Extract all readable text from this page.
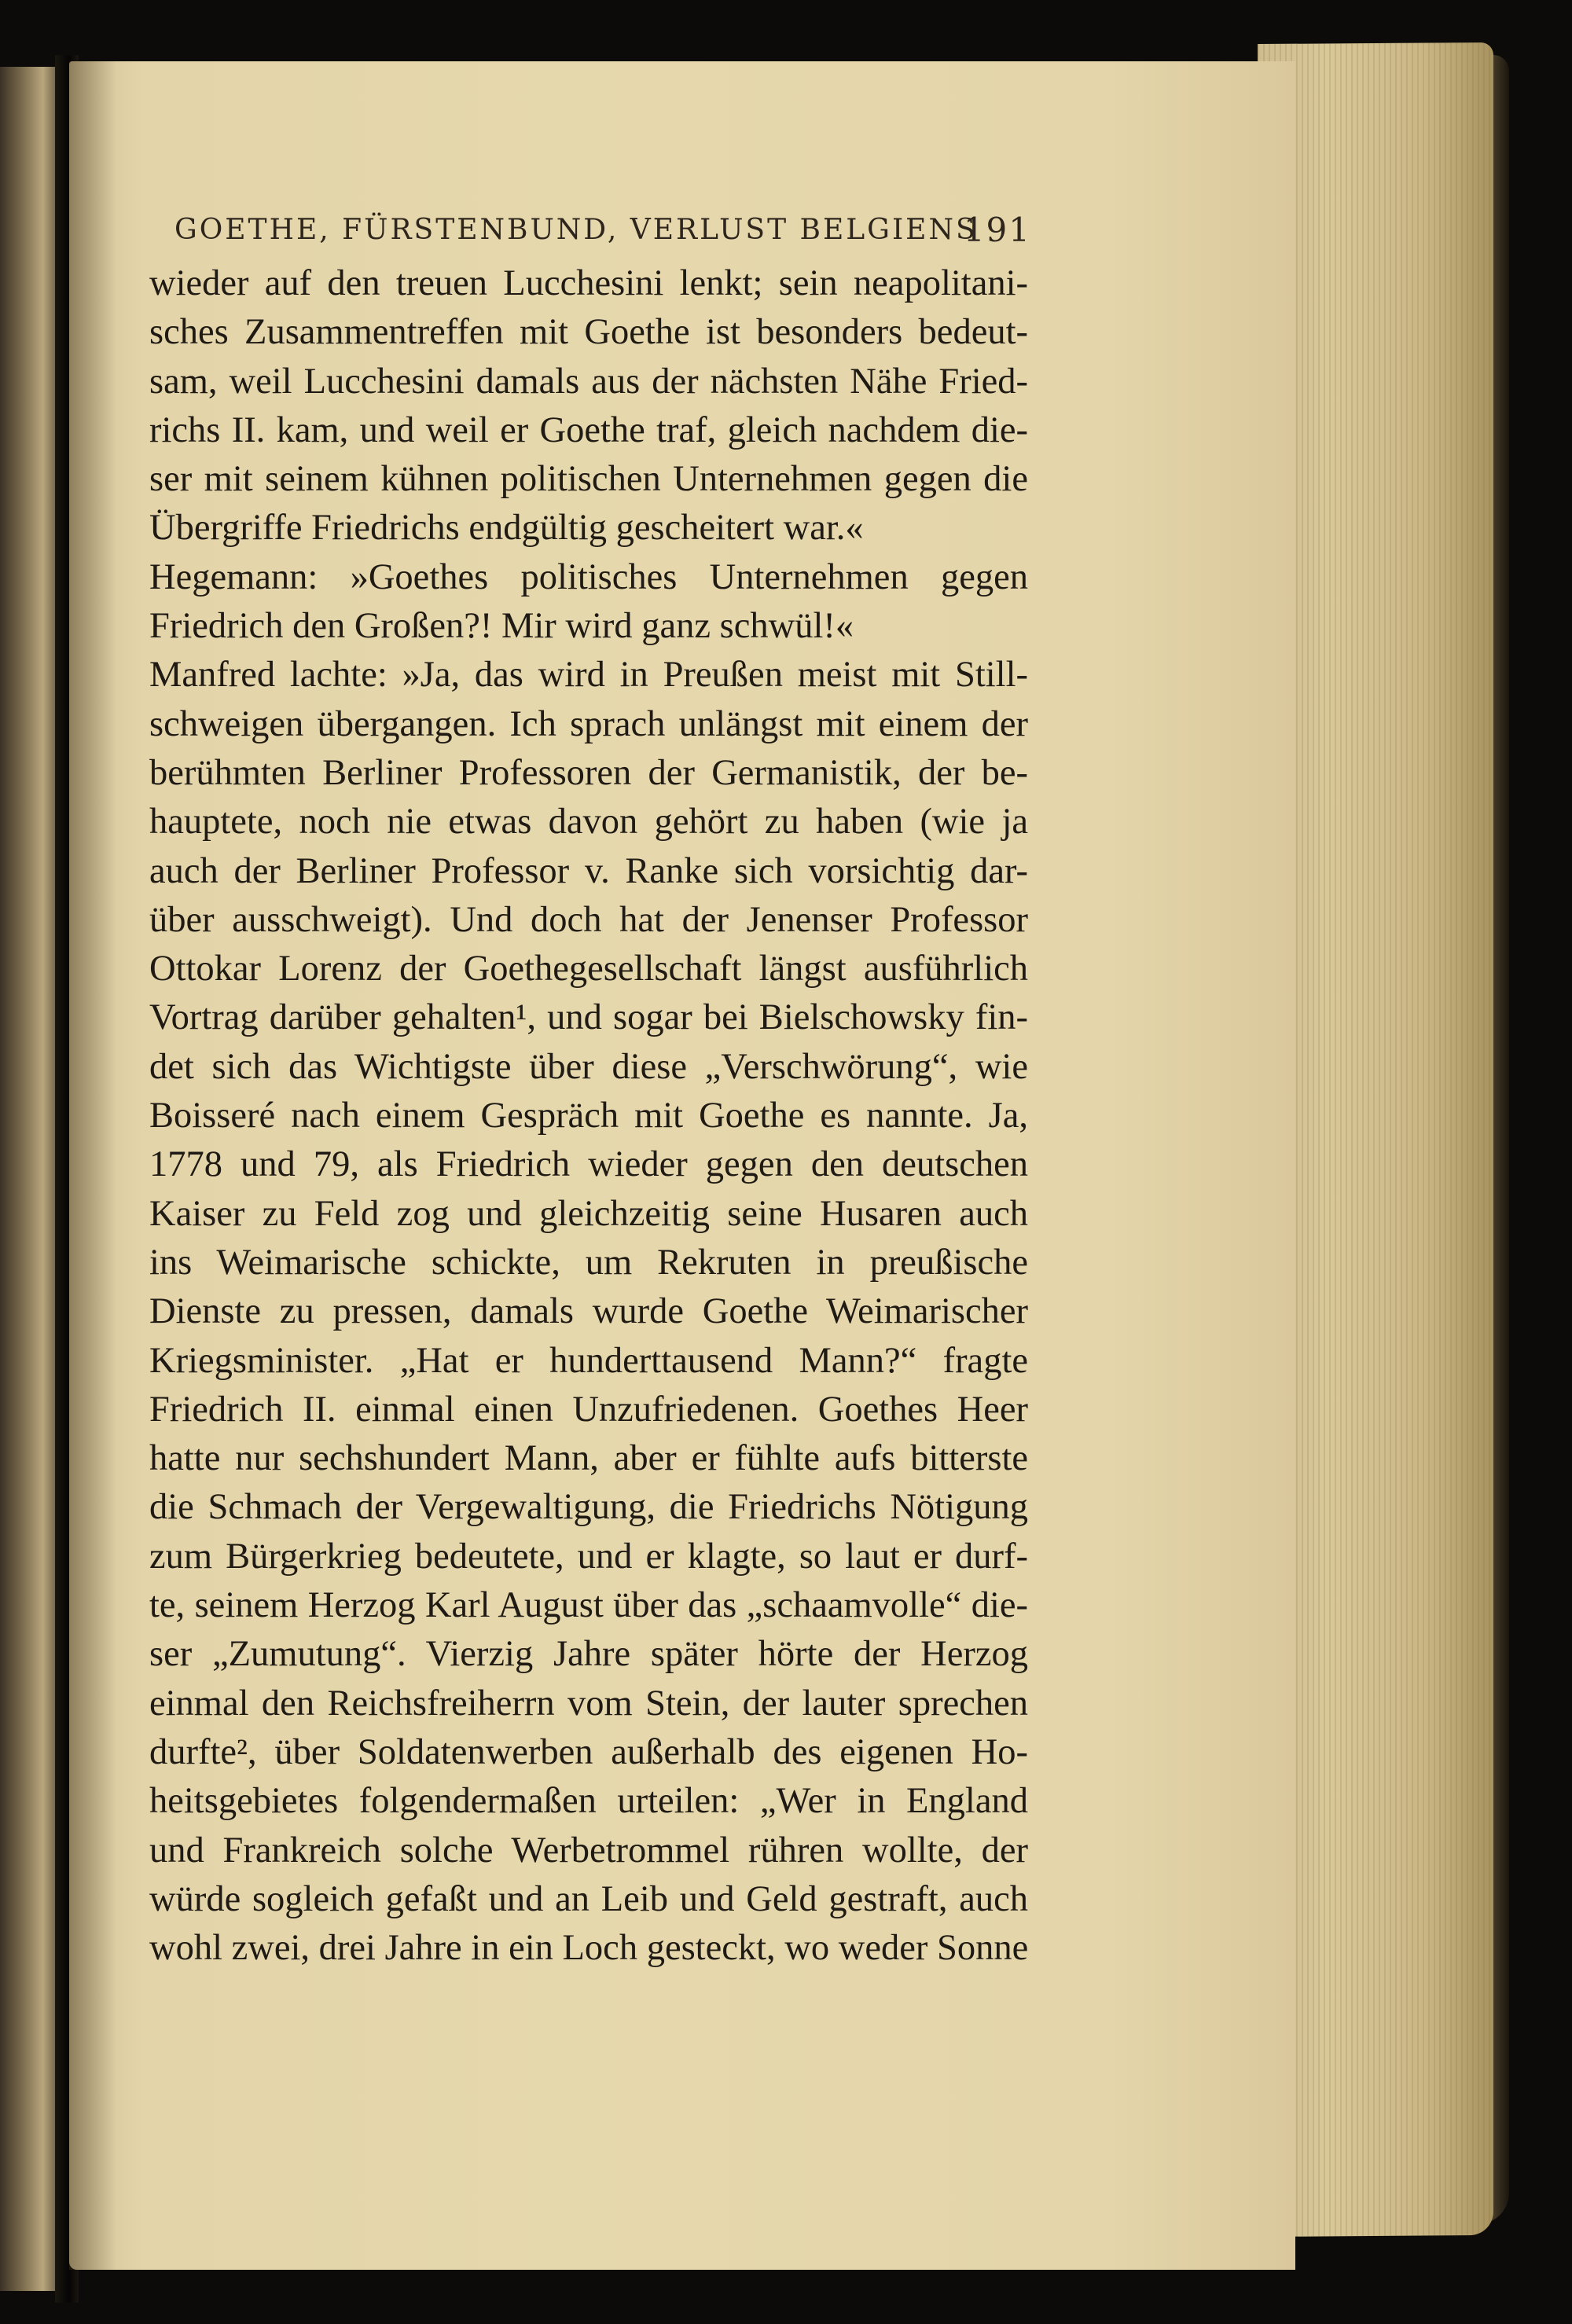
GOETHE, FÜRSTENBUND, VERLUST BELGIENS
191
wieder auf den treuen Lucchesini lenkt; sein neapolitani-
sches Zusammentreffen mit Goethe ist besonders bedeut-
sam, weil Lucchesini damals aus der nächsten Nähe Fried-
richs II. kam, und weil er Goethe traf, gleich nachdem die-
ser mit seinem kühnen politischen Unternehmen gegen die
Übergriffe Friedrichs endgültig gescheitert war.«
Hegemann: »Goethes politisches Unternehmen gegen
Friedrich den Großen?! Mir wird ganz schwül!«
Manfred lachte: »Ja, das wird in Preußen meist mit Still-
schweigen übergangen. Ich sprach unlängst mit einem der
berühmten Berliner Professoren der Germanistik, der be-
hauptete, noch nie etwas davon gehört zu haben (wie ja
auch der Berliner Professor v. Ranke sich vorsichtig dar-
über ausschweigt). Und doch hat der Jenenser Professor
Ottokar Lorenz der Goethegesellschaft längst ausführlich
Vortrag darüber gehalten¹, und sogar bei Bielschowsky fin-
det sich das Wichtigste über diese „Verschwörung“, wie
Boisseré nach einem Gespräch mit Goethe es nannte. Ja,
1778 und 79, als Friedrich wieder gegen den deutschen
Kaiser zu Feld zog und gleichzeitig seine Husaren auch
ins Weimarische schickte, um Rekruten in preußische
Dienste zu pressen, damals wurde Goethe Weimarischer
Kriegsminister. „Hat er hunderttausend Mann?“ fragte
Friedrich II. einmal einen Unzufriedenen. Goethes Heer
hatte nur sechshundert Mann, aber er fühlte aufs bitterste
die Schmach der Vergewaltigung, die Friedrichs Nötigung
zum Bürgerkrieg bedeutete, und er klagte, so laut er durf-
te, seinem Herzog Karl August über das „schaamvolle“ die-
ser „Zumutung“. Vierzig Jahre später hörte der Herzog
einmal den Reichsfreiherrn vom Stein, der lauter sprechen
durfte², über Soldatenwerben außerhalb des eigenen Ho-
heitsgebietes folgendermaßen urteilen: „Wer in England
und Frankreich solche Werbetrommel rühren wollte, der
würde sogleich gefaßt und an Leib und Geld gestraft, auch
wohl zwei, drei Jahre in ein Loch gesteckt, wo weder Sonne
